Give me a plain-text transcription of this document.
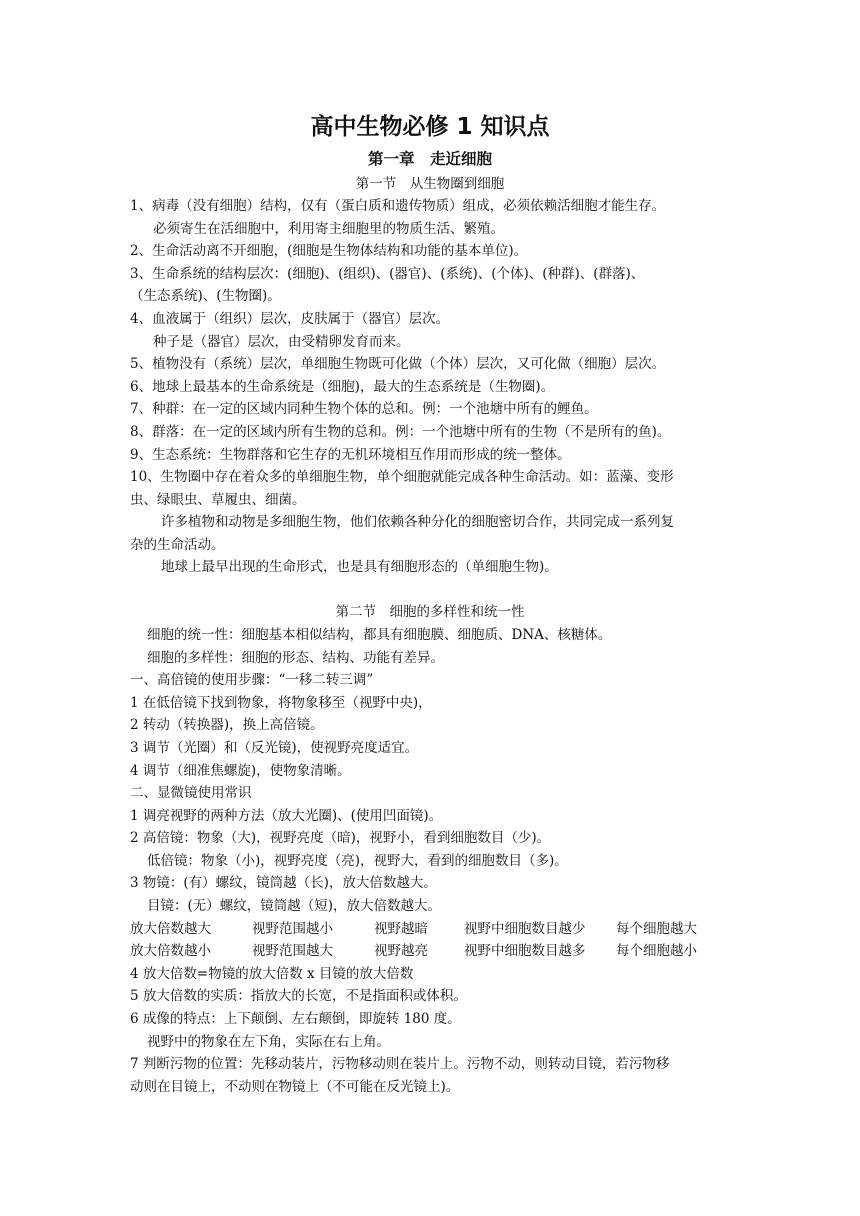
高中生物必修 1 知识点
第一章　走近细胞
第一节　从生物圈到细胞
1、病毒（没有细胞）结构，仅有（蛋白质和遗传物质）组成，必须依赖活细胞才能生存。
必须寄生在活细胞中，利用寄主细胞里的物质生活、繁殖。
2、生命活动离不开细胞，(细胞是生物体结构和功能的基本单位)。
3、生命系统的结构层次：(细胞)、(组织)、(器官)、(系统)、(个体)、(种群)、(群落)、
（生态系统)、(生物圈)。
4、血液属于（组织）层次，皮肤属于（器官）层次。
种子是（器官）层次，由受精卵发育而来。
5、植物没有（系统）层次，单细胞生物既可化做（个体）层次，又可化做（细胞）层次。
6、地球上最基本的生命系统是（细胞)，最大的生态系统是（生物圈)。
7、种群：在一定的区域内同种生物个体的总和。例：一个池塘中所有的鲤鱼。
8、群落：在一定的区域内所有生物的总和。例：一个池塘中所有的生物（不是所有的鱼)。
9、生态系统：生物群落和它生存的无机环境相互作用而形成的统一整体。
10、生物圈中存在着众多的单细胞生物，单个细胞就能完成各种生命活动。如：蓝藻、变形
虫、绿眼虫、草履虫、细菌。
许多植物和动物是多细胞生物，他们依赖各种分化的细胞密切合作，共同完成一系列复
杂的生命活动。
地球上最早出现的生命形式，也是具有细胞形态的（单细胞生物)。
第二节　细胞的多样性和统一性
细胞的统一性：细胞基本相似结构，都具有细胞膜、细胞质、DNA、核糖体。
细胞的多样性：细胞的形态、结构、功能有差异。
一、高倍镜的使用步骤：“一移二转三调”
1 在低倍镜下找到物象，将物象移至（视野中央)，
2 转动（转换器)，换上高倍镜。
3 调节（光圈）和（反光镜)，使视野亮度适宜。
4 调节（细准焦螺旋)，使物象清晰。
二、显微镜使用常识
1 调亮视野的两种方法（放大光圈)、(使用凹面镜)。
2 高倍镜：物象（大)，视野亮度（暗)，视野小，看到细胞数目（少)。
低倍镜：物象（小)，视野亮度（亮)，视野大，看到的细胞数目（多)。
3 物镜：(有）螺纹，镜筒越（长)，放大倍数越大。
目镜：(无）螺纹，镜筒越（短)，放大倍数越大。
放大倍数越大	视野范围越小	视野越暗	视野中细胞数目越少 每个细胞越大
放大倍数越小	视野范围越大	视野越亮	视野中细胞数目越多 每个细胞越小
4 放大倍数=物镜的放大倍数 x 目镜的放大倍数
5 放大倍数的实质：指放大的长宽，不是指面积或体积。
6 成像的特点：上下颠倒、左右颠倒，即旋转 180 度。
视野中的物象在左下角，实际在右上角。
7 判断污物的位置：先移动装片，污物移动则在装片上。污物不动，则转动目镜，若污物移
动则在目镜上，不动则在物镜上（不可能在反光镜上)。
